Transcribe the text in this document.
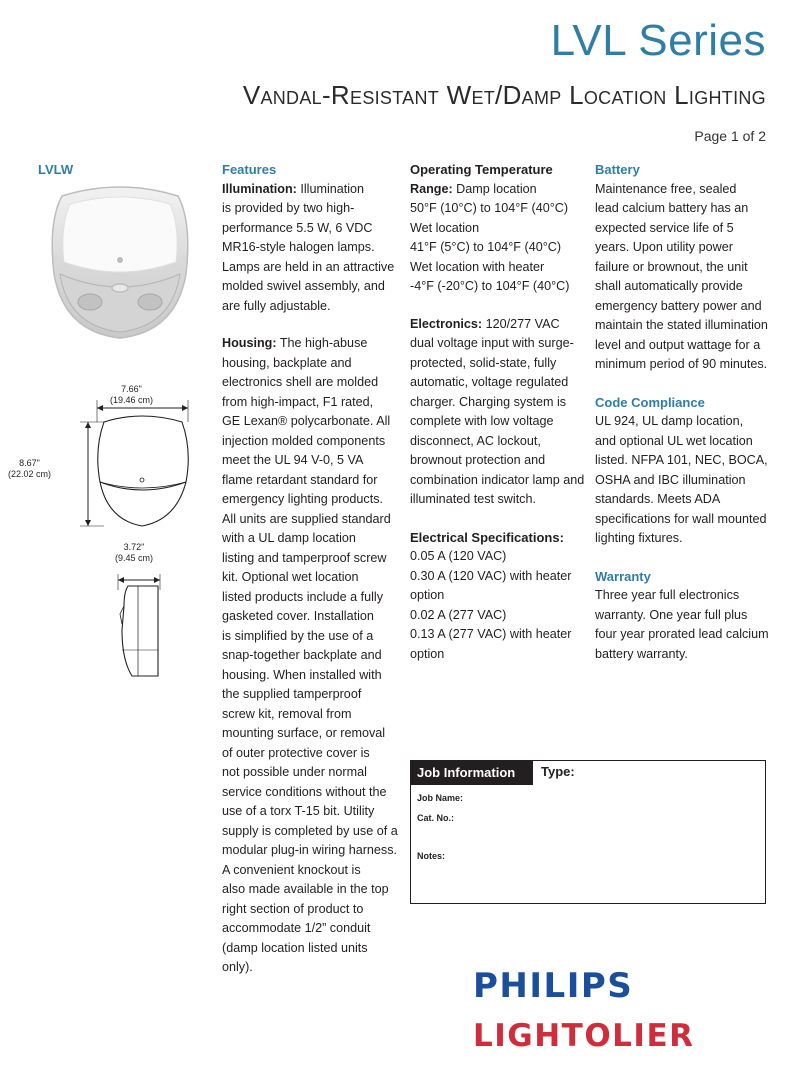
LVL Series
Vandal-Resistant Wet/Damp Location Lighting
Page 1 of 2
LVLW
7.66"
(19.46 cm)
8.67"
(22.02 cm)
3.72"
(9.45 cm)
Features
Illumination: Illumination
is provided by two high-
performance 5.5 W, 6 VDC
MR16-style halogen lamps.
Lamps are held in an attractive
molded swivel assembly, and
are fully adjustable.
Housing: The high-abuse
housing, backplate and
electronics shell are molded
from high-impact, F1 rated,
GE Lexan® polycarbonate. All
injection molded components
meet the UL 94 V-0, 5 VA
flame retardant standard for
emergency lighting products.
All units are supplied standard
with a UL damp location
listing and tamperproof screw
kit. Optional wet location
listed products include a fully
gasketed cover. Installation
is simplified by the use of a
snap-together backplate and
housing. When installed with
the supplied tamperproof
screw kit, removal from
mounting surface, or removal
of outer protective cover is
not possible under normal
service conditions without the
use of a torx T-15 bit. Utility
supply is completed by use of a
modular plug-in wiring harness.
A convenient knockout is
also made available in the top
right section of product to
accommodate 1/2” conduit
(damp location listed units
only).
Operating Temperature
Range: Damp location
50°F (10°C) to 104°F (40°C)
Wet location
41°F (5°C) to 104°F (40°C)
Wet location with heater
-4°F (-20°C) to 104°F (40°C)
Electronics: 120/277 VAC
dual voltage input with surge-
protected, solid-state, fully
automatic, voltage regulated
charger. Charging system is
complete with low voltage
disconnect, AC lockout,
brownout protection and
combination indicator lamp and
illuminated test switch.
Electrical Specifications:
0.05 A (120 VAC)
0.30 A (120 VAC) with heater
option
0.02 A (277 VAC)
0.13 A (277 VAC) with heater
option
Battery
Maintenance free, sealed
lead calcium battery has an
expected service life of 5
years. Upon utility power
failure or brownout, the unit
shall automatically provide
emergency battery power and
maintain the stated illumination
level and output wattage for a
minimum period of 90 minutes.
Code Compliance
UL 924, UL damp location,
and optional UL wet location
listed. NFPA 101, NEC, BOCA,
OSHA and IBC illumination
standards. Meets ADA
specifications for wall mounted
lighting fixtures.
Warranty
Three year full electronics
warranty. One year full plus
four year prorated lead calcium
battery warranty.
Job Information	Type:
Job Name:
Cat. No.:
Notes:
PHILIPS
LIGHTOLIER
